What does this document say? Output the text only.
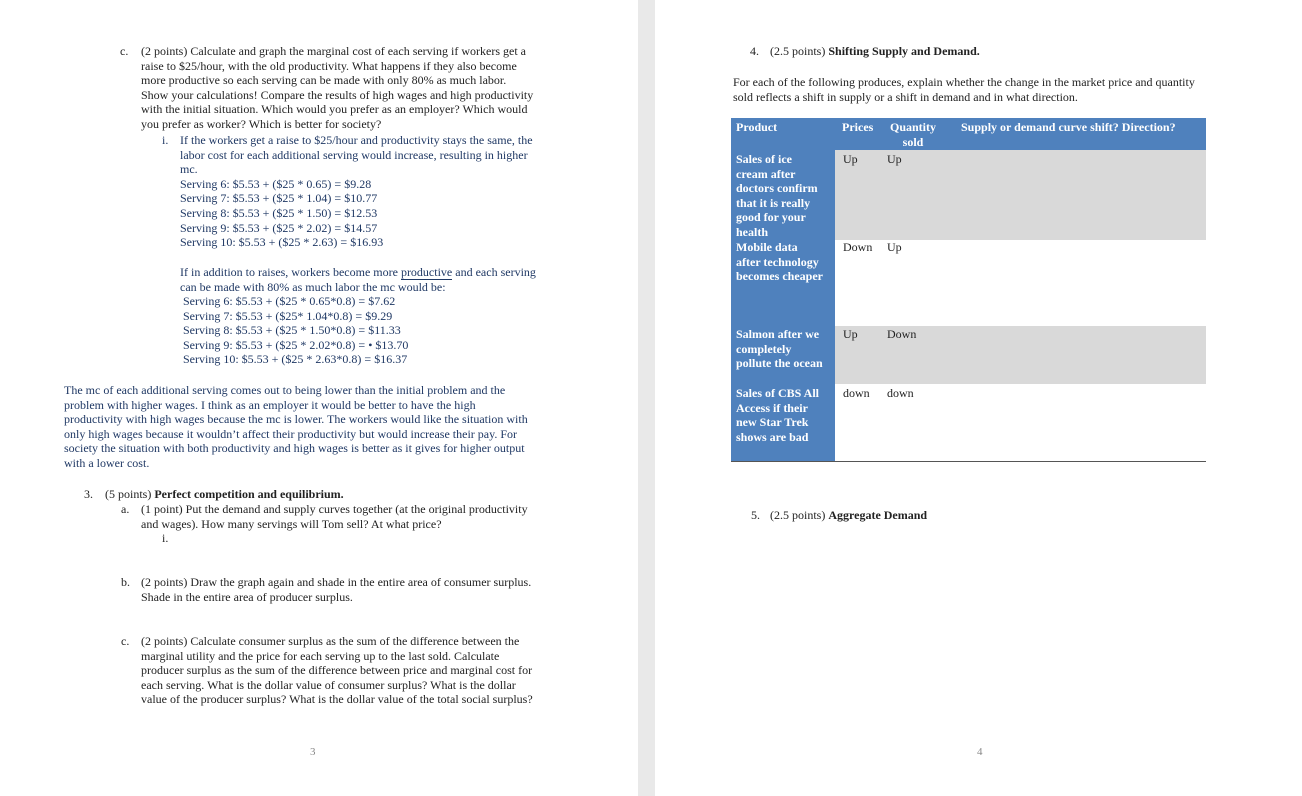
c. (2 points) Calculate and graph the marginal cost of each serving if workers get a
raise to $25/hour, with the old productivity. What happens if they also become
more productive so each serving can be made with only 80% as much labor.
Show your calculations! Compare the results of high wages and high productivity
with the initial situation. Which would you prefer as an employer? Which would
you prefer as worker? Which is better for society?
i. If the workers get a raise to $25/hour and productivity stays the same, the
labor cost for each additional serving would increase, resulting in higher
mc.
Serving 6: $5.53 + ($25 * 0.65) = $9.28
Serving 7: $5.53 + ($25 * 1.04) = $10.77
Serving 8: $5.53 + ($25 * 1.50) = $12.53
Serving 9: $5.53 + ($25 * 2.02) = $14.57
Serving 10: $5.53 + ($25 * 2.63) = $16.93
If in addition to raises, workers become more productive and each serving
can be made with 80% as much labor the mc would be:
Serving 6: $5.53 + ($25 * 0.65*0.8) = $7.62
Serving 7: $5.53 + ($25* 1.04*0.8) = $9.29
Serving 8: $5.53 + ($25 * 1.50*0.8) = $11.33
Serving 9: $5.53 + ($25 * 2.02*0.8) = • $13.70
Serving 10: $5.53 + ($25 * 2.63*0.8) = $16.37
The mc of each additional serving comes out to being lower than the initial problem and the
problem with higher wages. I think as an employer it would be better to have the high
productivity with high wages because the mc is lower. The workers would like the situation with
only high wages because it wouldn’t affect their productivity but would increase their pay. For
society the situation with both productivity and high wages is better as it gives for higher output
with a lower cost.
3. (5 points) Perfect competition and equilibrium.
a. (1 point) Put the demand and supply curves together (at the original productivity
and wages). How many servings will Tom sell? At what price?
i.
b. (2 points) Draw the graph again and shade in the entire area of consumer surplus.
Shade in the entire area of producer surplus.
c. (2 points) Calculate consumer surplus as the sum of the difference between the
marginal utility and the price for each serving up to the last sold. Calculate
producer surplus as the sum of the difference between price and marginal cost for
each serving. What is the dollar value of consumer surplus? What is the dollar
value of the producer surplus? What is the dollar value of the total social surplus?
3
4. (2.5 points) Shifting Supply and Demand.
For each of the following produces, explain whether the change in the market price and quantity
sold reflects a shift in supply or a shift in demand and in what direction.
Product	Prices	Quantity
sold
Supply or demand curve shift? Direction?
Sales of ice
cream after
doctors confirm
that it is really
good for your
health
Up Up
Mobile data
after technology
becomes cheaper
Down Up
Salmon after we
completely
pollute the ocean
Up Down
Sales of CBS All
Access if their
new Star Trek
shows are bad
down down
5. (2.5 points) Aggregate Demand
4
